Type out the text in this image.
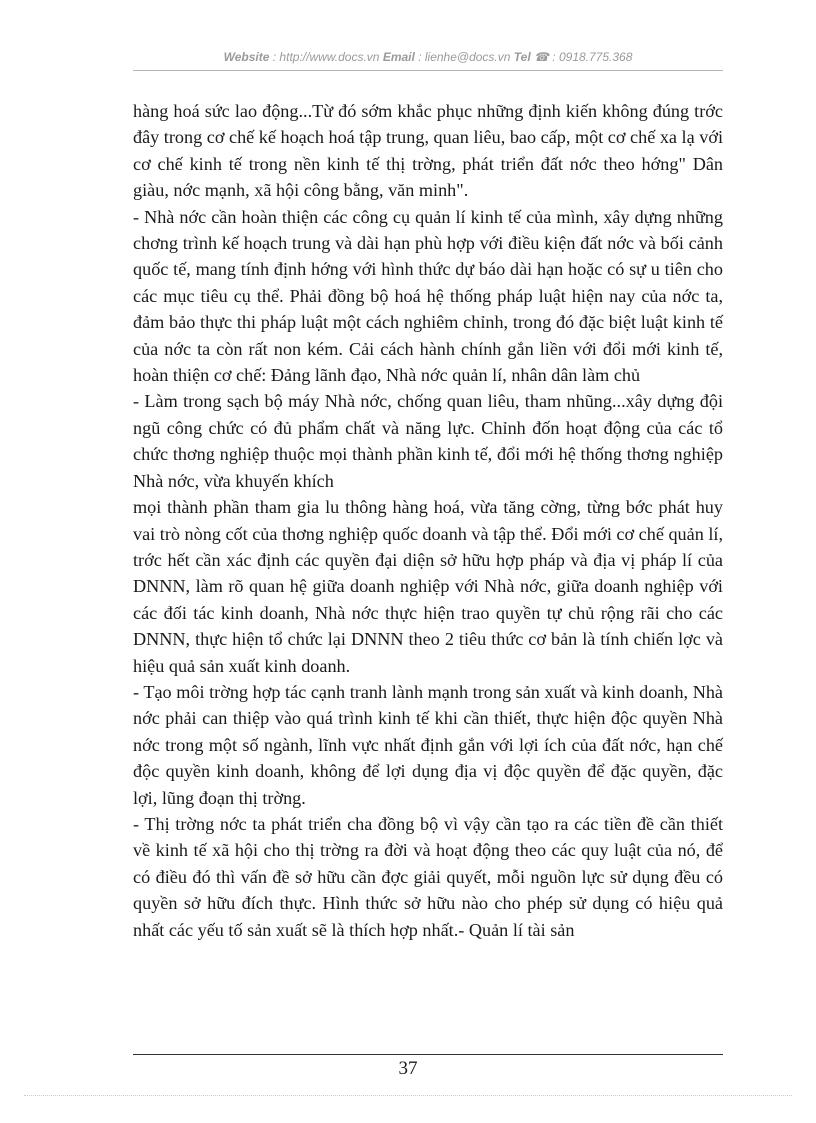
Website : http://www.docs.vn Email : lienhe@docs.vn Tel ☎ : 0918.775.368

hàng hoá sức lao động...Từ đó sớm khắc phục những định kiến không đúng trớc đây trong cơ chế kế hoạch hoá tập trung, quan liêu, bao cấp, một cơ chế xa lạ với cơ chế kinh tế trong nền kinh tế thị trờng, phát triển đất nớc theo hớng" Dân giàu, nớc mạnh, xã hội công bằng, văn minh".

- Nhà nớc cần hoàn thiện các công cụ quản lí kinh tế của mình, xây dựng những chơng trình kế hoạch trung và dài hạn phù hợp với điều kiện đất nớc và bối cảnh quốc tế, mang tính định hớng với hình thức dự báo dài hạn hoặc có sự u tiên cho các mục tiêu cụ thể. Phải đồng bộ hoá hệ thống pháp luật hiện nay của nớc ta, đảm bảo thực thi pháp luật một cách nghiêm chỉnh, trong đó đặc biệt luật kinh tế của nớc ta còn rất non kém. Cải cách hành chính gắn liền với đổi mới kinh tế, hoàn thiện cơ chế: Đảng lãnh đạo, Nhà nớc quản lí, nhân dân làm chủ

- Làm trong sạch bộ máy Nhà nớc, chống quan liêu, tham nhũng...xây dựng đội ngũ công chức có đủ phẩm chất và năng lực. Chỉnh đốn hoạt động của các tổ chức thơng nghiệp thuộc mọi thành phần kinh tế, đổi mới hệ thống thơng nghiệp Nhà nớc, vừa khuyến khích

mọi thành phần tham gia lu thông hàng hoá, vừa tăng cờng, từng bớc phát huy vai trò nòng cốt của thơng nghiệp quốc doanh và tập thể. Đổi mới cơ chế quản lí, trớc hết cần xác định các quyền đại diện sở hữu hợp pháp và địa vị pháp lí của DNNN, làm rõ quan hệ giữa doanh nghiệp với Nhà nớc, giữa doanh nghiệp với các đối tác kinh doanh, Nhà nớc thực hiện trao quyền tự chủ rộng rãi cho các DNNN, thực hiện tổ chức lại DNNN theo 2 tiêu thức cơ bản là tính chiến lợc và hiệu quả sản xuất kinh doanh.

- Tạo môi trờng hợp tác cạnh tranh lành mạnh trong sản xuất và kinh doanh, Nhà nớc phải can thiệp vào quá trình kinh tế khi cần thiết, thực hiện độc quyền Nhà nớc trong một số ngành, lĩnh vực nhất định gắn với lợi ích của đất nớc, hạn chế độc quyền kinh doanh, không để lợi dụng địa vị độc quyền để đặc quyền, đặc lợi, lũng đoạn thị trờng.

- Thị trờng nớc ta phát triển cha đồng bộ vì vậy cần tạo ra các tiền đề cần thiết về kinh tế xã hội cho thị trờng ra đời và hoạt động theo các quy luật của nó, để có điều đó thì vấn đề sở hữu cần đợc giải quyết, mỗi nguồn lực sử dụng đều có quyền sở hữu đích thực. Hình thức sở hữu nào cho phép sử dụng có hiệu quả nhất các yếu tố sản xuất sẽ là thích hợp nhất.- Quản lí tài sản

37
